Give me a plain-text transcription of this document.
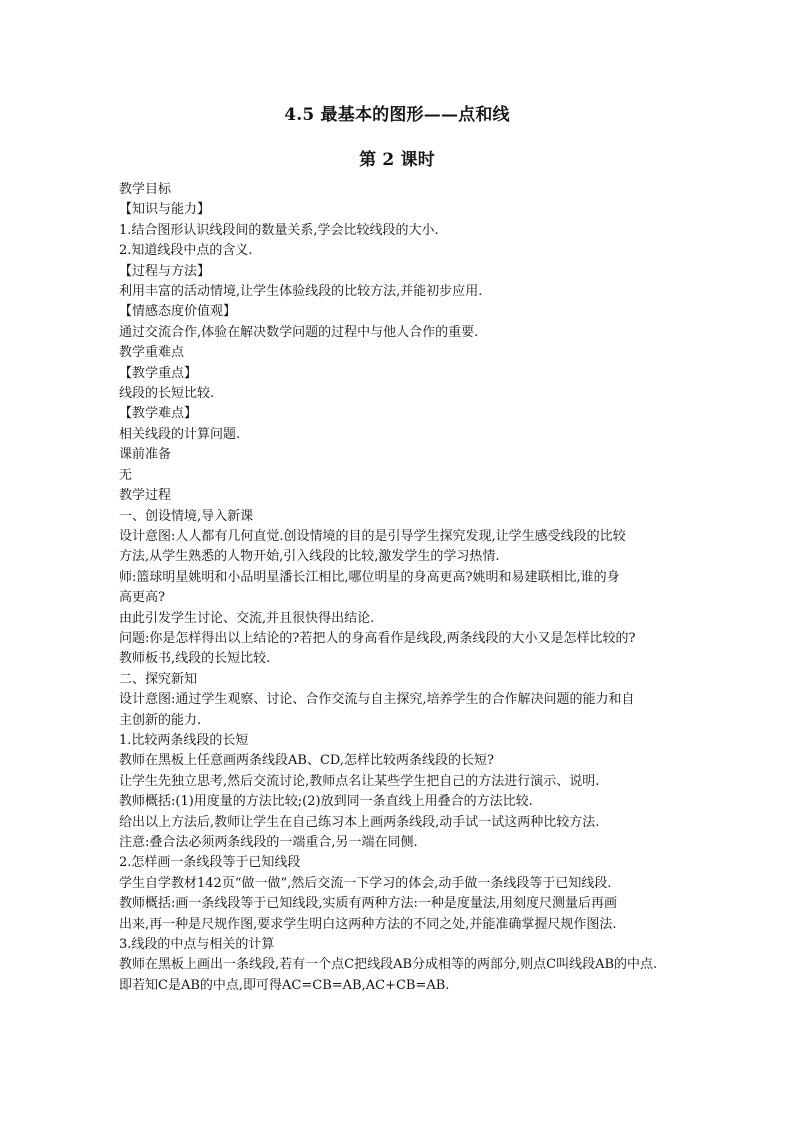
4.5 最基本的图形——点和线
第 2 课时

教学目标

【知识与能力】

1.结合图形认识线段间的数量关系,学会比较线段的大小.

2.知道线段中点的含义.

【过程与方法】

利用丰富的活动情境,让学生体验线段的比较方法,并能初步应用.

【情感态度价值观】

通过交流合作,体验在解决数学问题的过程中与他人合作的重要.

教学重难点

【教学重点】

线段的长短比较.

【教学难点】

相关线段的计算问题.

课前准备

无

教学过程

一、创设情境,导入新课

设计意图:人人都有几何直觉.创设情境的目的是引导学生探究发现,让学生感受线段的比较

方法,从学生熟悉的人物开始,引入线段的比较,激发学生的学习热情.

师:篮球明星姚明和小品明星潘长江相比,哪位明星的身高更高?姚明和易建联相比,谁的身

高更高?

由此引发学生讨论、交流,并且很快得出结论.

问题:你是怎样得出以上结论的?若把人的身高看作是线段,两条线段的大小又是怎样比较的?

教师板书,线段的长短比较.

二、探究新知

设计意图:通过学生观察、讨论、合作交流与自主探究,培养学生的合作解决问题的能力和自

主创新的能力.

1.比较两条线段的长短

教师在黑板上任意画两条线段AB、CD,怎样比较两条线段的长短?

让学生先独立思考,然后交流讨论,教师点名让某些学生把自己的方法进行演示、说明.

教师概括:(1)用度量的方法比较;(2)放到同一条直线上用叠合的方法比较.

给出以上方法后,教师让学生在自己练习本上画两条线段,动手试一试这两种比较方法.

注意:叠合法必须两条线段的一端重合,另一端在同侧.

2.怎样画一条线段等于已知线段

学生自学教材142页“做一做”,然后交流一下学习的体会,动手做一条线段等于已知线段.

教师概括:画一条线段等于已知线段,实质有两种方法:一种是度量法,用刻度尺测量后再画

出来,再一种是尺规作图,要求学生明白这两种方法的不同之处,并能准确掌握尺规作图法.

3.线段的中点与相关的计算

教师在黑板上画出一条线段,若有一个点C把线段AB分成相等的两部分,则点C叫线段AB的中点.

即若知C是AB的中点,即可得AC=CB=AB,AC+CB=AB.
